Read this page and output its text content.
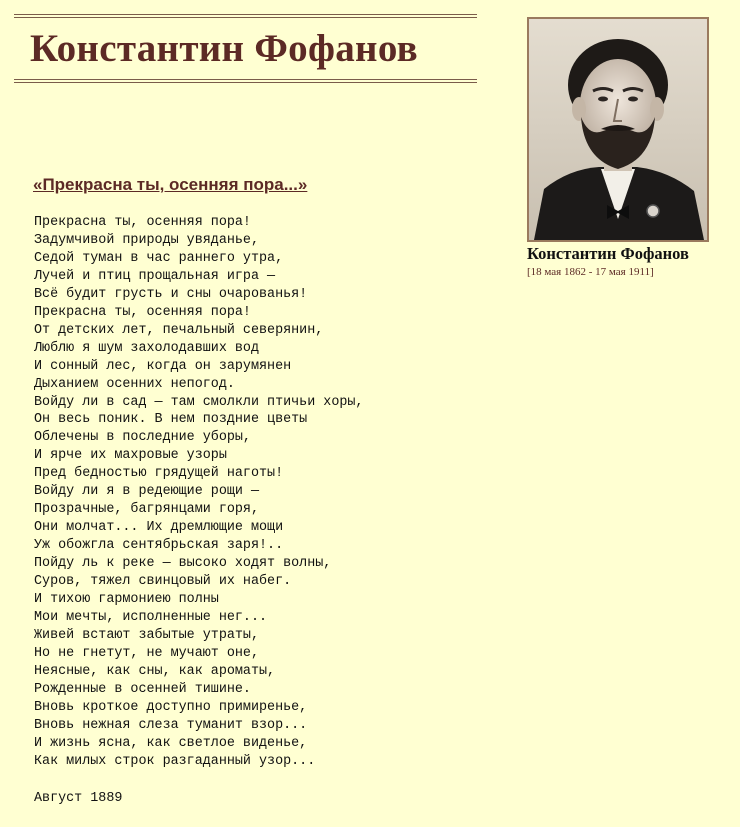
Константин Фофанов
«Прекрасна ты, осенняя пора...»
Прекрасна ты, осенняя пора!
Задумчивой природы увяданье,
Седой туман в час раннего утра,
Лучей и птиц прощальная игра —
Всё будит грусть и сны очарованья!
Прекрасна ты, осенняя пора!
От детских лет, печальный северянин,
Люблю я шум захолодавших вод
И сонный лес, когда он зарумянен
Дыханием осенних непогод.
Войду ли в сад — там смолкли птичьи хоры,
Он весь поник. В нем поздние цветы
Облечены в последние уборы,
И ярче их махровые узоры
Пред бедностью грядущей наготы!
Войду ли я в редеющие рощи —
Прозрачные, багрянцами горя,
Они молчат... Их дремлющие мощи
Уж обожгла сентябрьская заря!..
Пойду ль к реке — высоко ходят волны,
Суров, тяжел свинцовый их набег.
И тихою гармониею полны
Мои мечты, исполненные нег...
Живей встают забытые утраты,
Но не гнетут, не мучают оне,
Неясные, как сны, как ароматы,
Рожденные в осенней тишине.
Вновь кроткое доступно примиренье,
Вновь нежная слеза туманит взор...
И жизнь ясна, как светлое виденье,
Как милых строк разгаданный узор...
Август 1889
Константин Фофанов
[18 мая 1862 - 17 мая 1911]
